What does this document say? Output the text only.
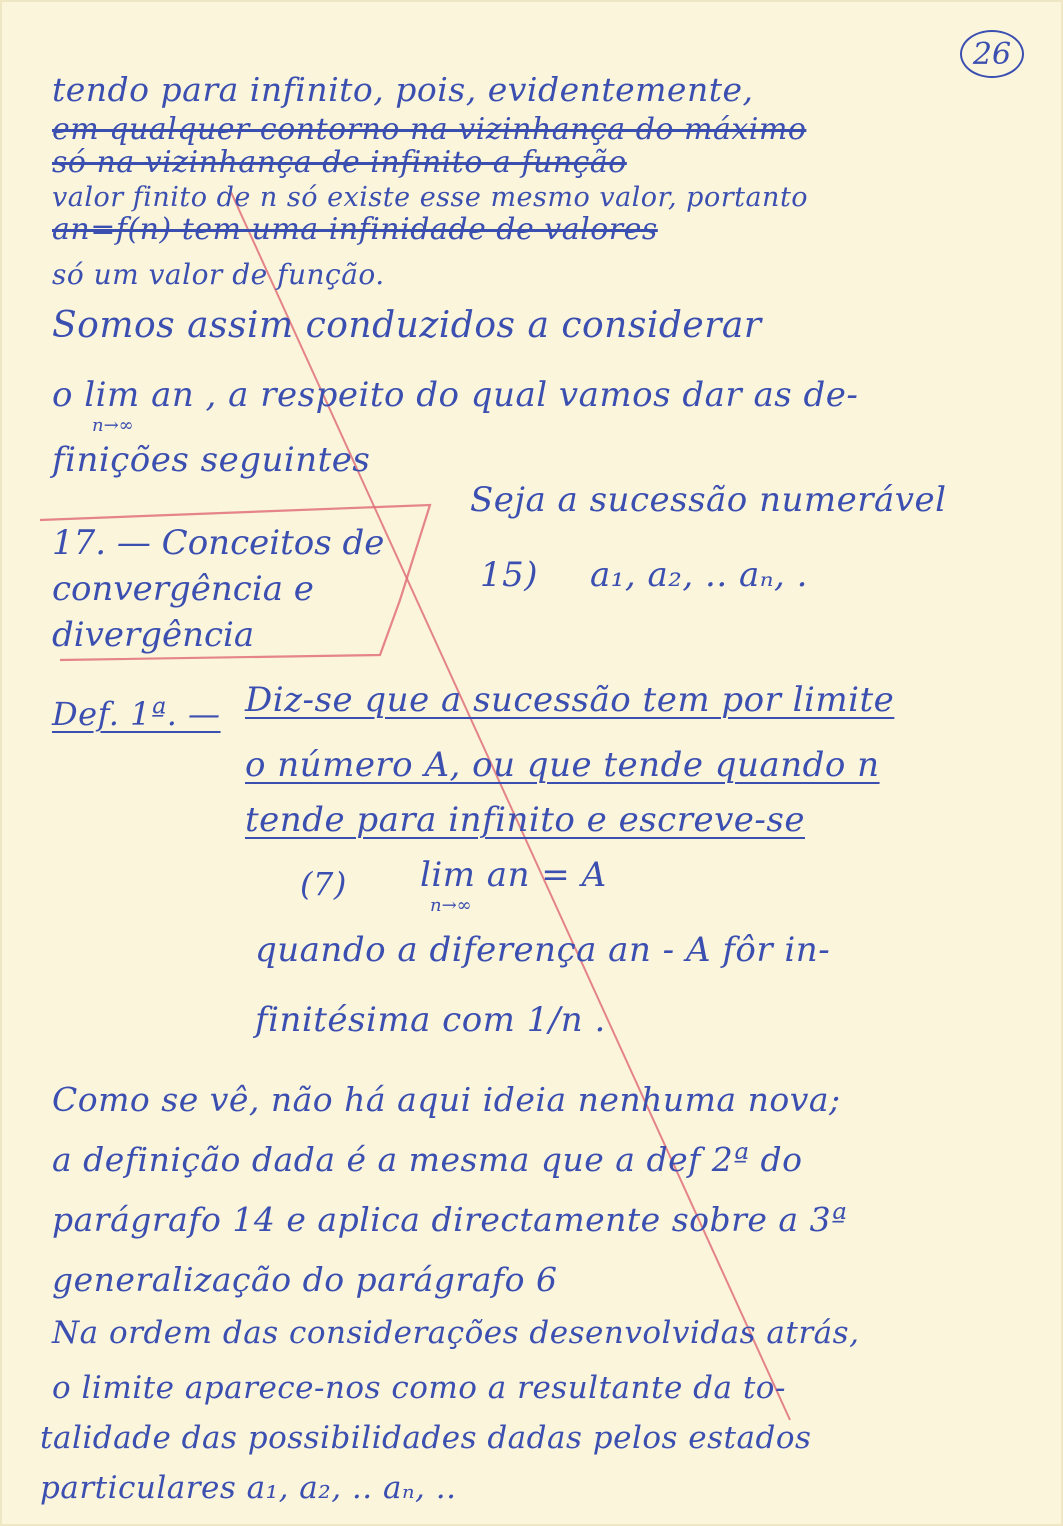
26
tendo para infinito, pois, evidentemente,
em qualquer contorno na vizinhança do máximo
só na vizinhança de infinito a função
valor finito de n só existe esse mesmo valor, portanto
an=f(n) tem uma infinidade de valores
só um valor de função.
Somos assim conduzidos a considerar
o lim an , a respeito do qual vamos dar as de-
n→∞
finições seguintes
17. — Conceitos de convergência e divergência
Seja a sucessão numerável
15) a₁, a₂, .. aₙ, .
Def. 1ª. — Diz-se que a sucessão tem por limite
o número A, ou que tende quando n
tende para infinito e escreve-se
(7) lim an = A
n→∞
quando a diferença an - A fôr in-
finitésima com 1/n .
Como se vê, não há aqui ideia nenhuma nova;
a definição dada é a mesma que a def 2ª do
parágrafo 14 e aplica directamente sobre a 3ª
generalização do parágrafo 6
Na ordem das considerações desenvolvidas atrás,
o limite aparece-nos como a resultante da to-
talidade das possibilidades dadas pelos estados
particulares a₁, a₂, .. aₙ, ..
